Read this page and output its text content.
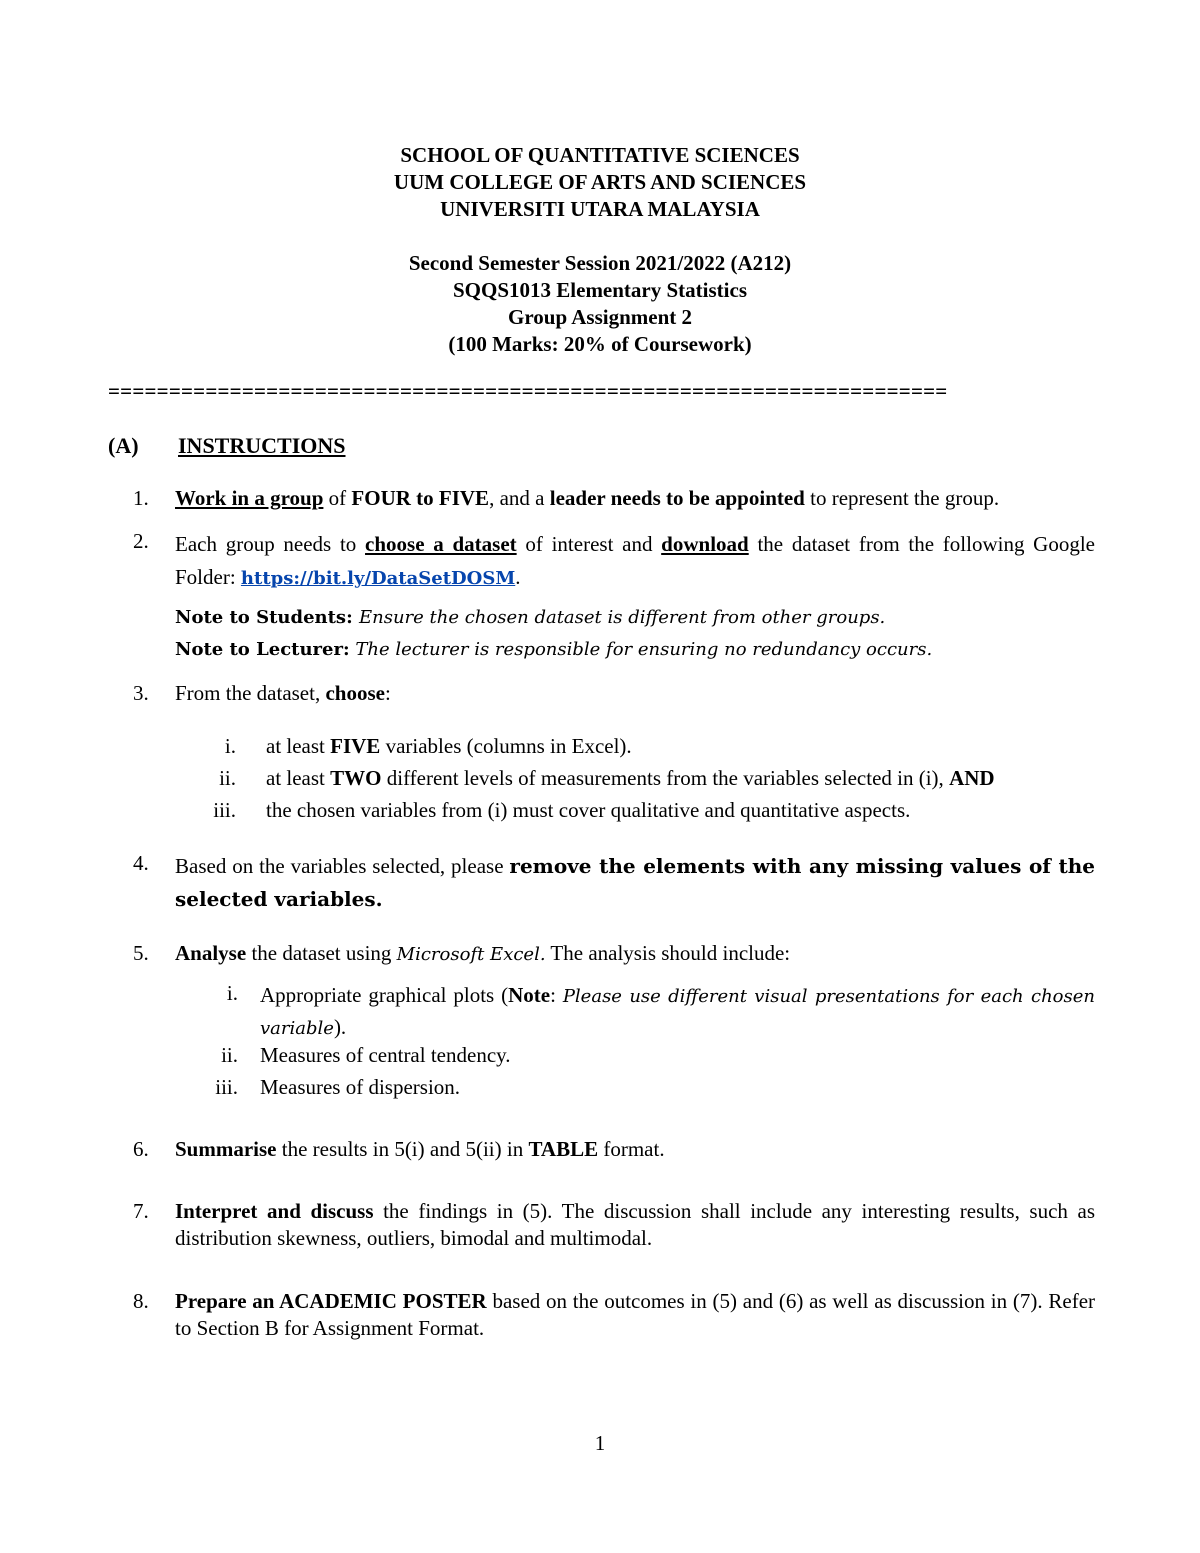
SCHOOL OF QUANTITATIVE SCIENCES
UUM COLLEGE OF ARTS AND SCIENCES
UNIVERSITI UTARA MALAYSIA
Second Semester Session 2021/2022 (A212)
SQQS1013 Elementary Statistics
Group Assignment 2
(100 Marks: 20% of Coursework)
=====================================================================
(A) INSTRUCTIONS
1. Work in a group of FOUR to FIVE, and a leader needs to be appointed to represent the group.
2. Each group needs to choose a dataset of interest and download the dataset from the following Google Folder: https://bit.ly/DataSetDOSM.
Note to Students: Ensure the chosen dataset is different from other groups.
Note to Lecturer: The lecturer is responsible for ensuring no redundancy occurs.
3. From the dataset, choose:
i. at least FIVE variables (columns in Excel).
ii. at least TWO different levels of measurements from the variables selected in (i), AND
iii. the chosen variables from (i) must cover qualitative and quantitative aspects.
4. Based on the variables selected, please remove the elements with any missing values of the selected variables.
5. Analyse the dataset using Microsoft Excel. The analysis should include:
i. Appropriate graphical plots (Note: Please use different visual presentations for each chosen variable).
ii. Measures of central tendency.
iii. Measures of dispersion.
6. Summarise the results in 5(i) and 5(ii) in TABLE format.
7. Interpret and discuss the findings in (5). The discussion shall include any interesting results, such as distribution skewness, outliers, bimodal and multimodal.
8. Prepare an ACADEMIC POSTER based on the outcomes in (5) and (6) as well as discussion in (7). Refer to Section B for Assignment Format.
1
